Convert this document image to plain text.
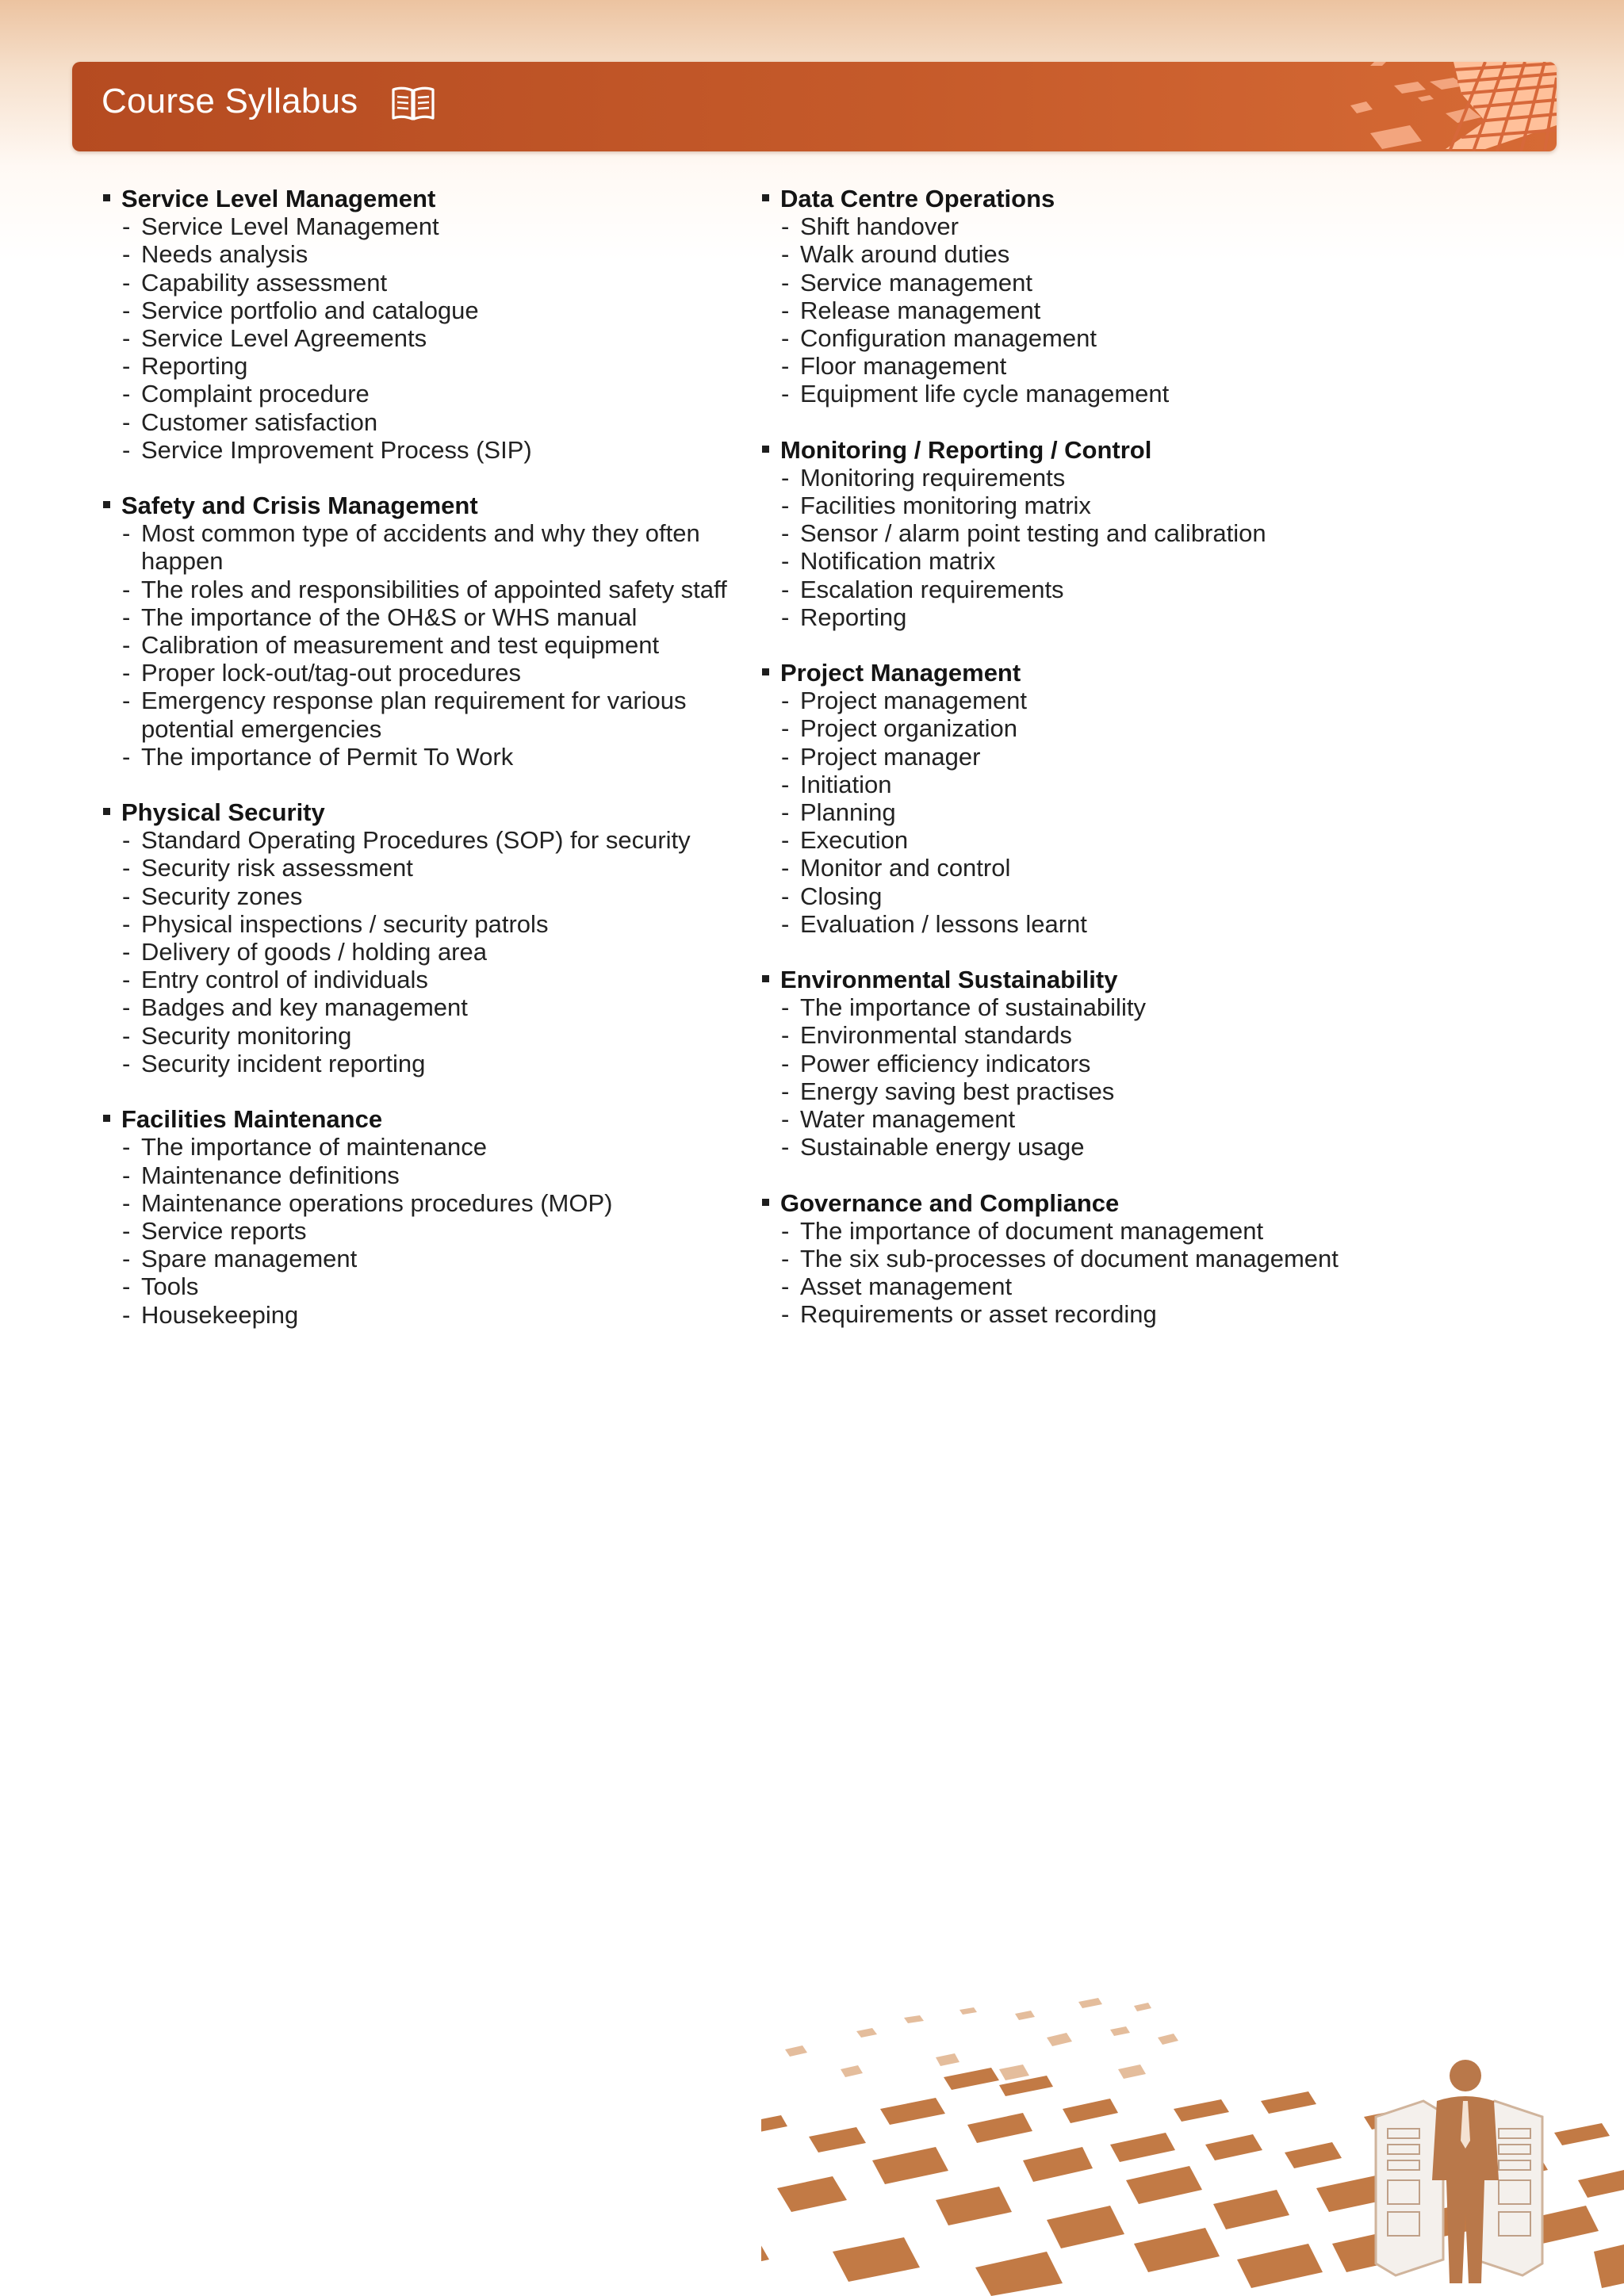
Course Syllabus
Service Level Management
- Service Level Management
- Needs analysis
- Capability assessment
- Service portfolio and catalogue
- Service Level Agreements
- Reporting
- Complaint procedure
- Customer satisfaction
- Service Improvement Process (SIP)
Safety and Crisis Management
- Most common type of accidents and why they often happen
- The roles and responsibilities of appointed safety staff
- The importance of the OH&S or WHS manual
- Calibration of measurement and test equipment
- Proper lock-out/tag-out procedures
- Emergency response plan requirement for various potential emergencies
- The importance of Permit To Work
Physical Security
- Standard Operating Procedures (SOP) for security
- Security risk assessment
- Security zones
- Physical inspections / security patrols
- Delivery of goods / holding area
- Entry control of individuals
- Badges and key management
- Security monitoring
- Security incident reporting
Facilities Maintenance
- The importance of maintenance
- Maintenance definitions
- Maintenance operations procedures (MOP)
- Service reports
- Spare management
- Tools
- Housekeeping
Data Centre Operations
- Shift handover
- Walk around duties
- Service management
- Release management
- Configuration management
- Floor management
- Equipment life cycle management
Monitoring / Reporting / Control
- Monitoring requirements
- Facilities monitoring matrix
- Sensor / alarm point testing and calibration
- Notification matrix
- Escalation requirements
- Reporting
Project Management
- Project management
- Project organization
- Project manager
- Initiation
- Planning
- Execution
- Monitor and control
- Closing
- Evaluation / lessons learnt
Environmental Sustainability
- The importance of sustainability
- Environmental standards
- Power efficiency indicators
- Energy saving best practises
- Water management
- Sustainable energy usage
Governance and Compliance
- The importance of document management
- The six sub-processes of document management
- Asset management
- Requirements or asset recording
